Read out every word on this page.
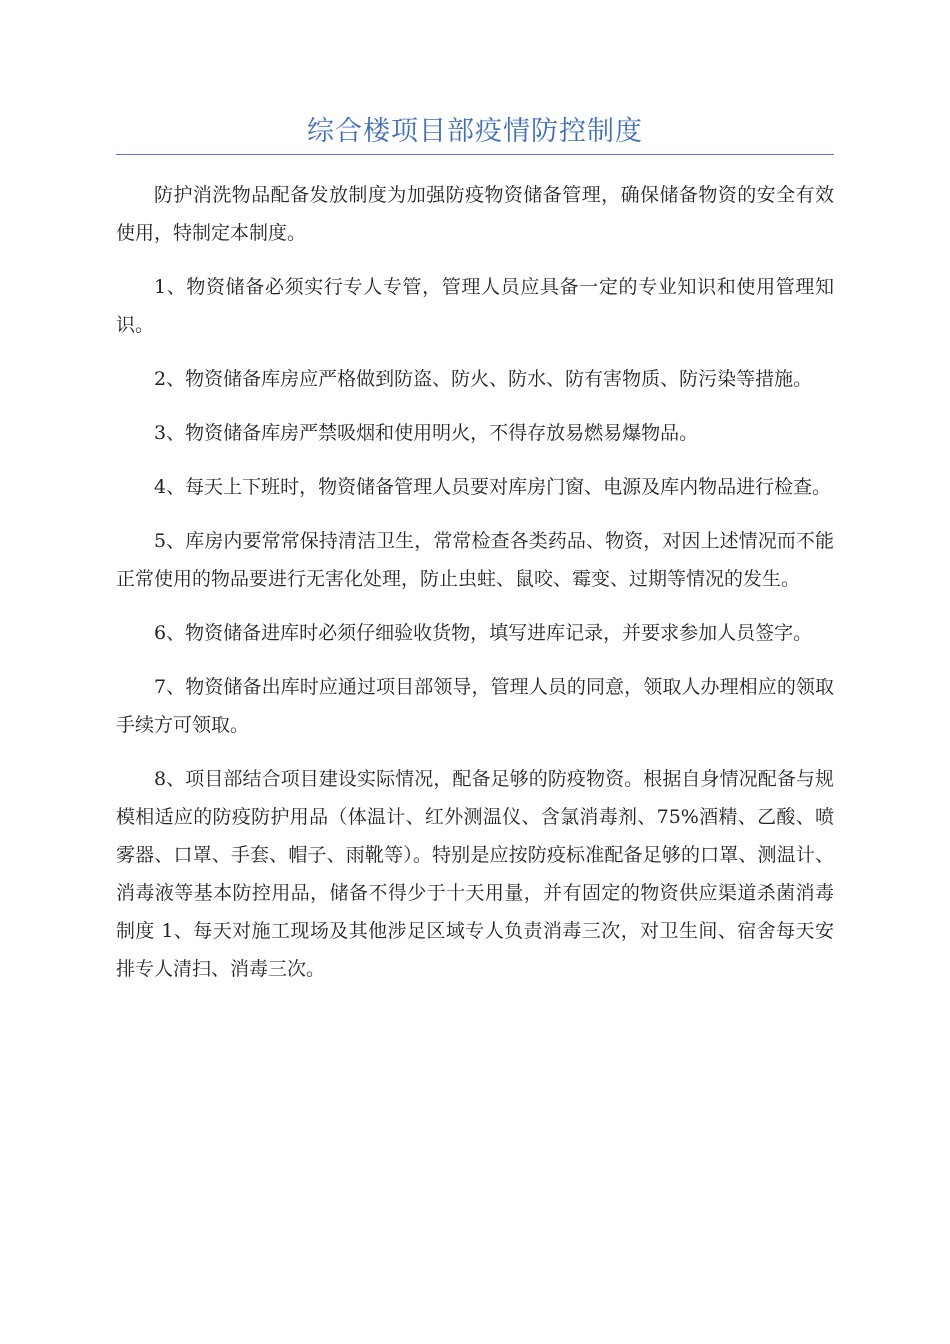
综合楼项目部疫情防控制度

防护消洗物品配备发放制度为加强防疫物资储备管理，确保储备物资的安全有效使用，特制定本制度。

1、物资储备必须实行专人专管，管理人员应具备一定的专业知识和使用管理知识。

2、物资储备库房应严格做到防盗、防火、防水、防有害物质、防污染等措施。

3、物资储备库房严禁吸烟和使用明火，不得存放易燃易爆物品。

4、每天上下班时，物资储备管理人员要对库房门窗、电源及库内物品进行检查。

5、库房内要常常保持清洁卫生，常常检查各类药品、物资，对因上述情况而不能正常使用的物品要进行无害化处理，防止虫蛀、鼠咬、霉变、过期等情况的发生。

6、物资储备进库时必须仔细验收货物，填写进库记录，并要求参加人员签字。

7、物资储备出库时应通过项目部领导，管理人员的同意，领取人办理相应的领取手续方可领取。

8、项目部结合项目建设实际情况，配备足够的防疫物资。根据自身情况配备与规模相适应的防疫防护用品（体温计、红外测温仪、含氯消毒剂、75%酒精、乙酸、喷雾器、口罩、手套、帽子、雨靴等）。特别是应按防疫标准配备足够的口罩、测温计、消毒液等基本防控用品，储备不得少于十天用量，并有固定的物资供应渠道杀菌消毒制度 1、每天对施工现场及其他涉足区域专人负责消毒三次，对卫生间、宿舍每天安排专人清扫、消毒三次。
